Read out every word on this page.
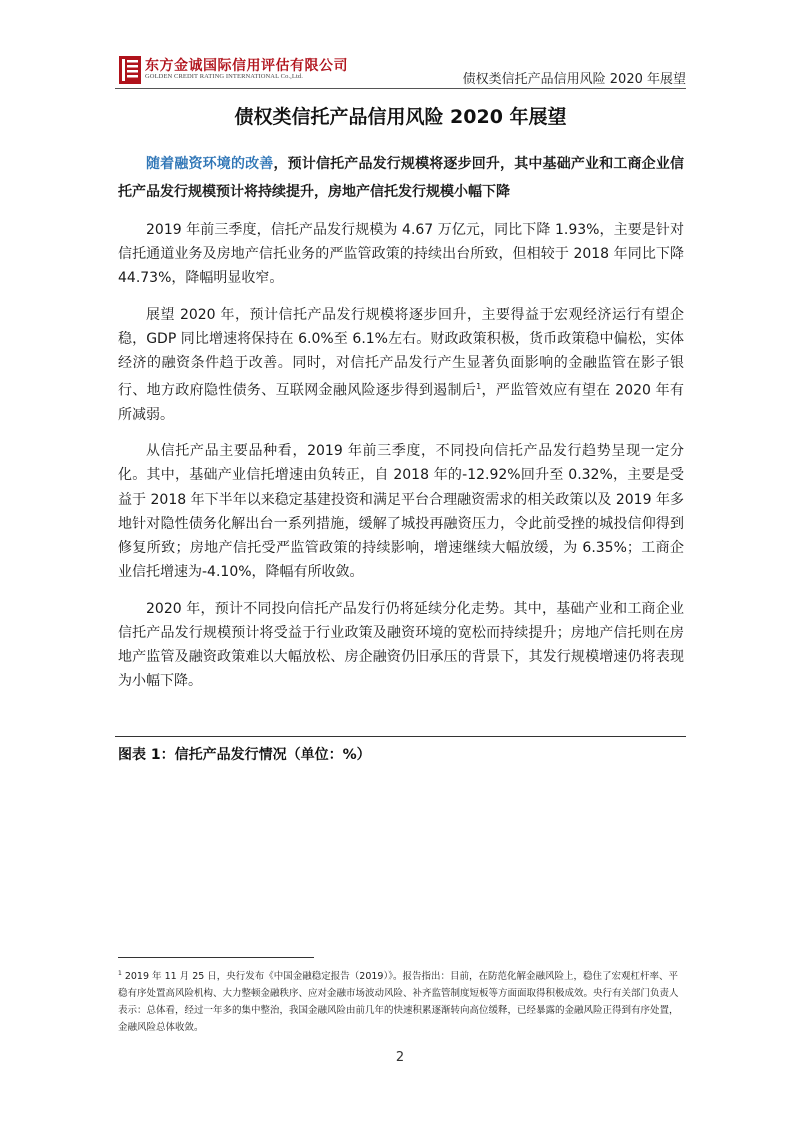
东方金诚国际信用评估有限公司
GOLDEN CREDIT RATING INTERNATIONAL Co.,Ltd.	债权类信托产品信用风险 2020 年展望
债权类信托产品信用风险 2020 年展望

随着融资环境的改善，预计信托产品发行规模将逐步回升，其中基础产业和工商企业信托产品发行规模预计将持续提升，房地产信托发行规模小幅下降

2019 年前三季度，信托产品发行规模为 4.67 万亿元，同比下降 1.93%，主要是针对信托通道业务及房地产信托业务的严监管政策的持续出台所致，但相较于 2018 年同比下降 44.73%，降幅明显收窄。

展望 2020 年，预计信托产品发行规模将逐步回升，主要得益于宏观经济运行有望企稳，GDP 同比增速将保持在 6.0%至 6.1%左右。财政政策积极，货币政策稳中偏松，实体经济的融资条件趋于改善。同时，对信托产品发行产生显著负面影响的金融监管在影子银行、地方政府隐性债务、互联网金融风险逐步得到遏制后$^1$，严监管效应有望在 2020 年有所减弱。

从信托产品主要品种看，2019 年前三季度，不同投向信托产品发行趋势呈现一定分化。其中，基础产业信托增速由负转正，自 2018 年的-12.92%回升至 0.32%，主要是受益于 2018 年下半年以来稳定基建投资和满足平台合理融资需求的相关政策以及 2019 年多地针对隐性债务化解出台一系列措施，缓解了城投再融资压力，令此前受挫的城投信仰得到修复所致；房地产信托受严监管政策的持续影响，增速继续大幅放缓，为 6.35%；工商企业信托增速为-4.10%，降幅有所收敛。

2020 年，预计不同投向信托产品发行仍将延续分化走势。其中，基础产业和工商企业信托产品发行规模预计将受益于行业政策及融资环境的宽松而持续提升；房地产信托则在房地产监管及融资政策难以大幅放松、房企融资仍旧承压的背景下，其发行规模增速仍将表现为小幅下降。

图表 1：信托产品发行情况（单位：%）

$^1$ 2019 年 11 月 25 日，央行发布《中国金融稳定报告（2019）》。报告指出：目前，在防范化解金融风险上，稳住了宏观杠杆率、平稳有序处置高风险机构、大力整顿金融秩序、应对金融市场波动风险、补齐监管制度短板等方面面取得积极成效。央行有关部门负责人表示：总体看，经过一年多的集中整治，我国金融风险由前几年的快速积累逐渐转向高位缓释，已经暴露的金融风险正得到有序处置，金融风险总体收敛。

2
